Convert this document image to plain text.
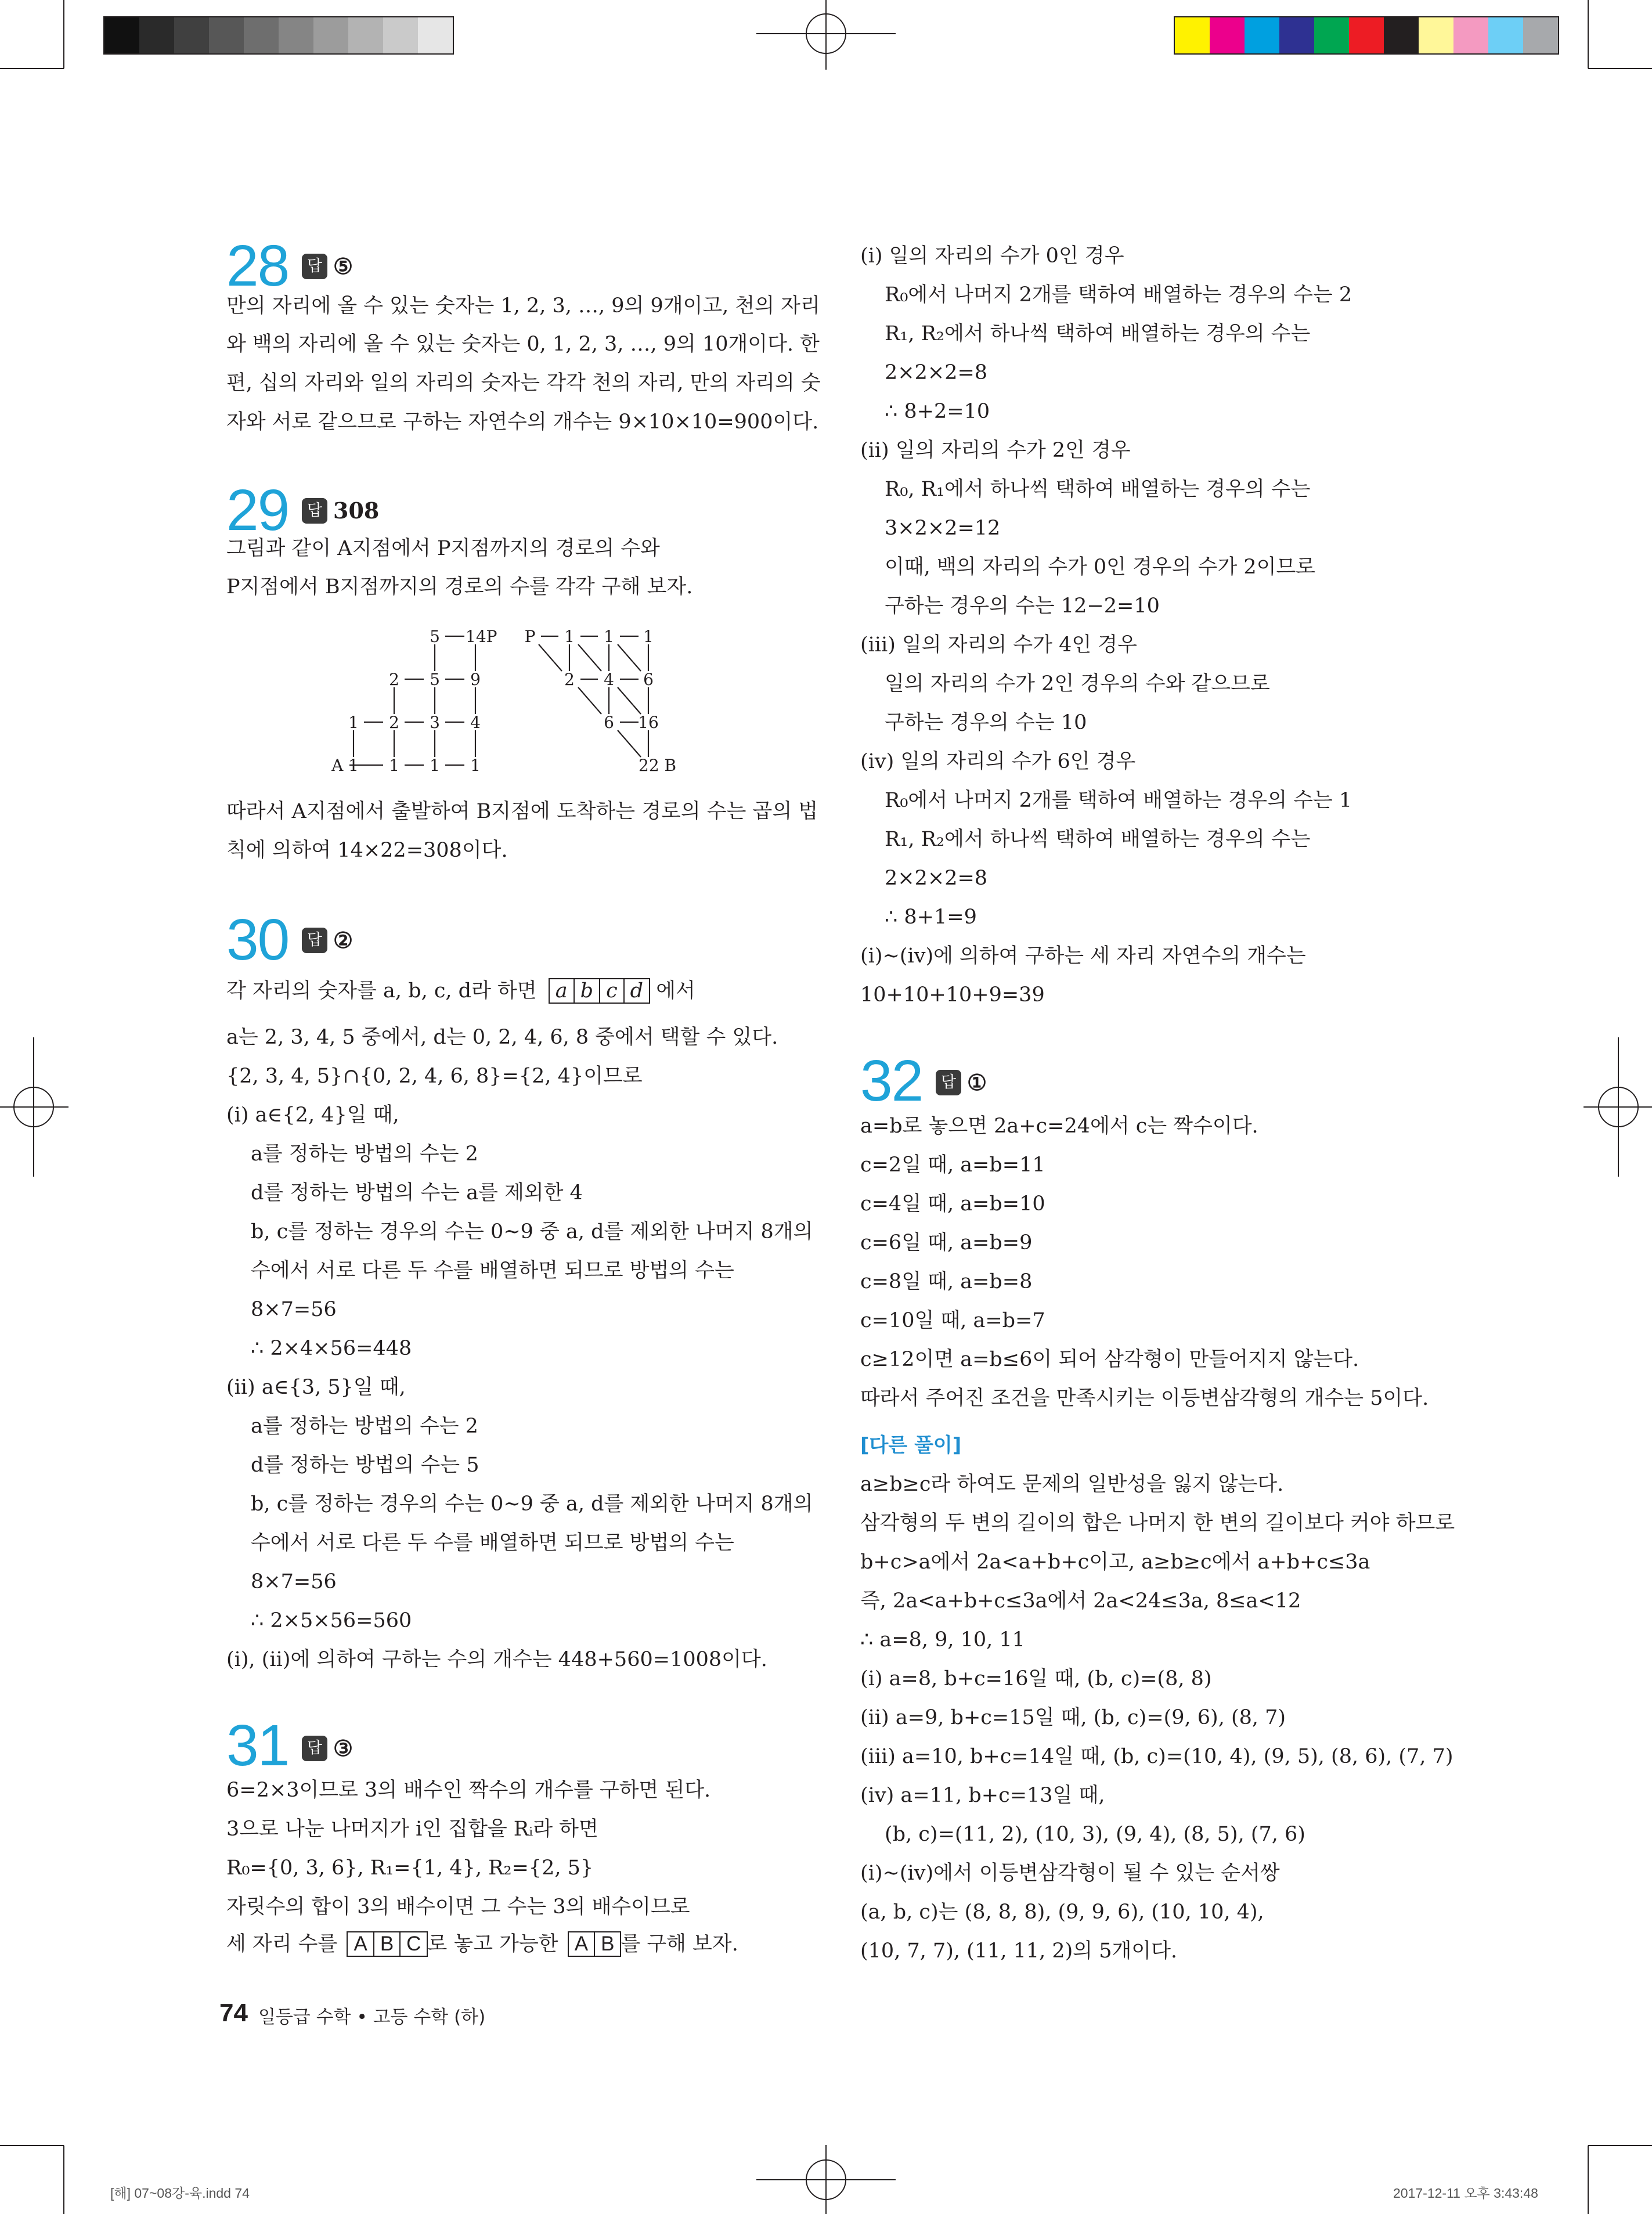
28	답 ⑤
만의 자리에 올 수 있는 숫자는 1, 2, 3, …, 9의 9개이고, 천의 자리
와 백의 자리에 올 수 있는 숫자는 0, 1, 2, 3, …, 9의 10개이다. 한
편, 십의 자리와 일의 자리의 숫자는 각각 천의 자리, 만의 자리의 숫
자와 서로 같으므로 구하는 자연수의 개수는 9×10×10=900이다.
29	답 308
그림과 같이 A지점에서 P지점까지의 경로의 수와
P지점에서 B지점까지의 경로의 수를 각각 구해 보자.
5 14P
2 5 9
1 2 3 4
A 1 1 1 1
P 1 1 1
2 4 6
6 16
22 B
따라서 A지점에서 출발하여 B지점에 도착하는 경로의 수는 곱의 법
칙에 의하여 14×22=308이다.
30	답 ②
각 자리의 숫자를 a, b, c, d라 하면 a b c d 에서
a는 2, 3, 4, 5 중에서, d는 0, 2, 4, 6, 8 중에서 택할 수 있다.
{2, 3, 4, 5}∩{0, 2, 4, 6, 8}={2, 4}이므로
(ⅰ) a∈{2, 4}일 때,
a를 정하는 방법의 수는 2
d를 정하는 방법의 수는 a를 제외한 4
b, c를 정하는 경우의 수는 0~9 중 a, d를 제외한 나머지 8개의
수에서 서로 다른 두 수를 배열하면 되므로 방법의 수는
8×7=56
∴ 2×4×56=448
(ⅱ) a∈{3, 5}일 때,
a를 정하는 방법의 수는 2
d를 정하는 방법의 수는 5
b, c를 정하는 경우의 수는 0~9 중 a, d를 제외한 나머지 8개의
수에서 서로 다른 두 수를 배열하면 되므로 방법의 수는
8×7=56
∴ 2×5×56=560
(ⅰ), (ⅱ)에 의하여 구하는 수의 개수는 448+560=1008이다.
31	답 ③
6=2×3이므로 3의 배수인 짝수의 개수를 구하면 된다.
3으로 나눈 나머지가 i인 집합을 Rᵢ라 하면
R₀={0, 3, 6}, R₁={1, 4}, R₂={2, 5}
자릿수의 합이 3의 배수이면 그 수는 3의 배수이므로
세 자리 수를 A B C 로 놓고 가능한 A B 를 구해 보자.
(ⅰ) 일의 자리의 수가 0인 경우
R₀에서 나머지 2개를 택하여 배열하는 경우의 수는 2
R₁, R₂에서 하나씩 택하여 배열하는 경우의 수는
2×2×2=8
∴ 8+2=10
(ⅱ) 일의 자리의 수가 2인 경우
R₀, R₁에서 하나씩 택하여 배열하는 경우의 수는
3×2×2=12
이때, 백의 자리의 수가 0인 경우의 수가 2이므로
구하는 경우의 수는 12−2=10
(ⅲ) 일의 자리의 수가 4인 경우
일의 자리의 수가 2인 경우의 수와 같으므로
구하는 경우의 수는 10
(ⅳ) 일의 자리의 수가 6인 경우
R₀에서 나머지 2개를 택하여 배열하는 경우의 수는 1
R₁, R₂에서 하나씩 택하여 배열하는 경우의 수는
2×2×2=8
∴ 8+1=9
(ⅰ)~(ⅳ)에 의하여 구하는 세 자리 자연수의 개수는
10+10+10+9=39
32	답 ①
a=b로 놓으면 2a+c=24에서 c는 짝수이다.
c=2일 때, a=b=11
c=4일 때, a=b=10
c=6일 때, a=b=9
c=8일 때, a=b=8
c=10일 때, a=b=7
c≥12이면 a=b≤6이 되어 삼각형이 만들어지지 않는다.
따라서 주어진 조건을 만족시키는 이등변삼각형의 개수는 5이다.
[다른 풀이]
a≥b≥c라 하여도 문제의 일반성을 잃지 않는다.
삼각형의 두 변의 길이의 합은 나머지 한 변의 길이보다 커야 하므로
b+c>a에서 2a<a+b+c이고, a≥b≥c에서 a+b+c≤3a
즉, 2a<a+b+c≤3a에서 2a<24≤3a, 8≤a<12
∴ a=8, 9, 10, 11
(ⅰ) a=8, b+c=16일 때, (b, c)=(8, 8)
(ⅱ) a=9, b+c=15일 때, (b, c)=(9, 6), (8, 7)
(ⅲ) a=10, b+c=14일 때, (b, c)=(10, 4), (9, 5), (8, 6), (7, 7)
(ⅳ) a=11, b+c=13일 때,
(b, c)=(11, 2), (10, 3), (9, 4), (8, 5), (7, 6)
(ⅰ)~(ⅳ)에서 이등변삼각형이 될 수 있는 순서쌍
(a, b, c)는 (8, 8, 8), (9, 9, 6), (10, 10, 4),
(10, 7, 7), (11, 11, 2)의 5개이다.
74 일등급 수학 • 고등 수학 (하)
[해] 07~08강-육.indd 74	2017-12-11 오후 3:43:48
